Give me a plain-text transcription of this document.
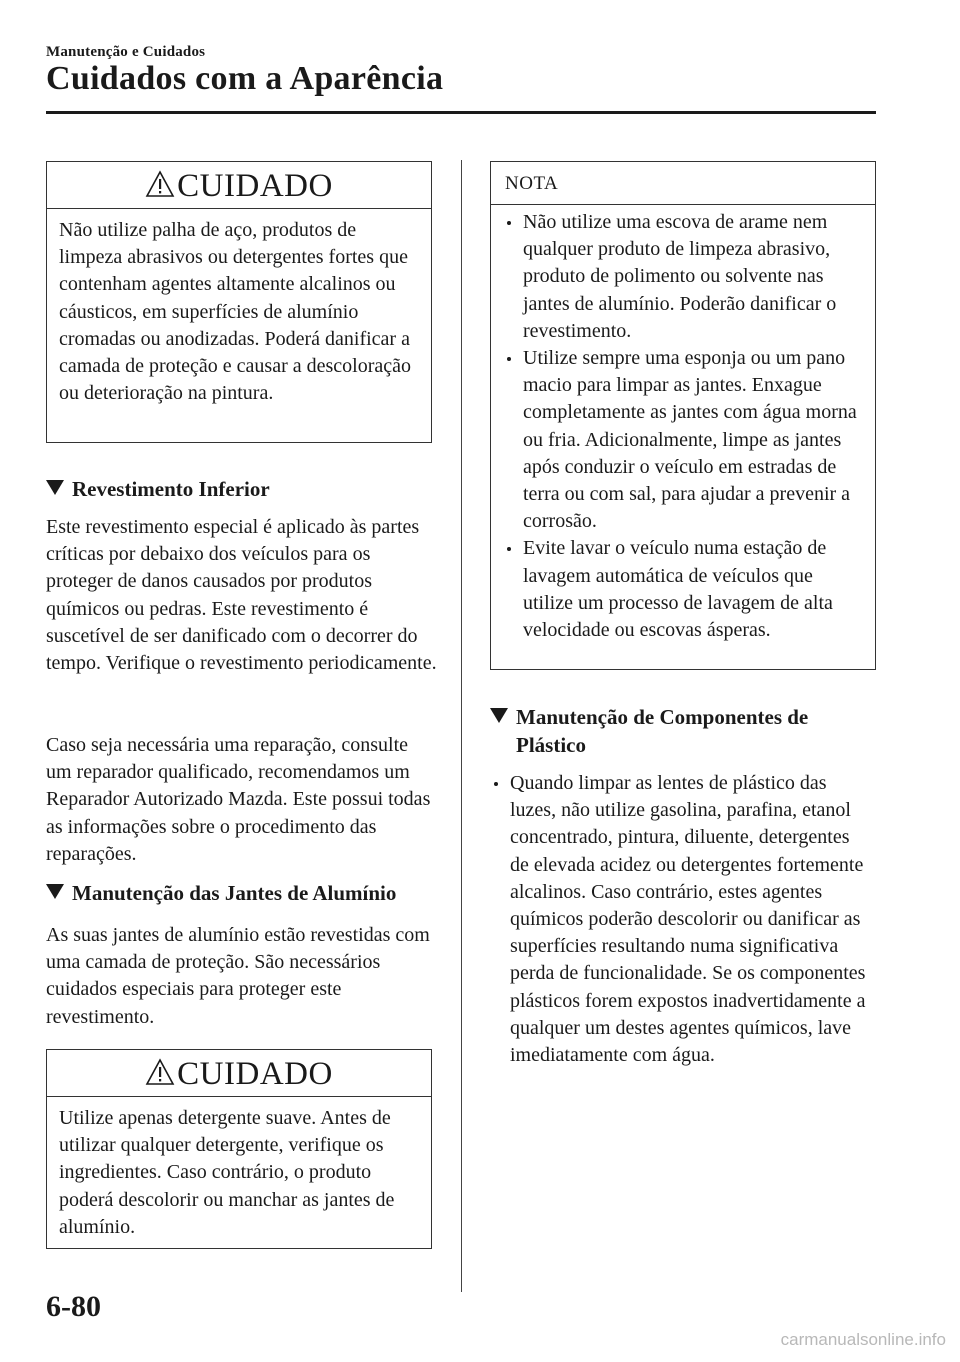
Manutenção e Cuidados
Cuidados com a Aparência
CUIDADO
Não utilize palha de aço, produtos de limpeza abrasivos ou detergentes fortes que contenham agentes altamente alcalinos ou cáusticos, em superfícies de alumínio cromadas ou anodizadas. Poderá danificar a camada de proteção e causar a descoloração ou deterioração na pintura.
Revestimento Inferior
Este revestimento especial é aplicado às partes críticas por debaixo dos veículos para os proteger de danos causados por produtos químicos ou pedras. Este revestimento é suscetível de ser danificado com o decorrer do tempo. Verifique o revestimento periodicamente.
Caso seja necessária uma reparação, consulte um reparador qualificado, recomendamos um Reparador Autorizado Mazda. Este possui todas as informações sobre o procedimento das reparações.
Manutenção das Jantes de Alumínio
As suas jantes de alumínio estão revestidas com uma camada de proteção. São necessários cuidados especiais para proteger este revestimento.
CUIDADO
Utilize apenas detergente suave. Antes de utilizar qualquer detergente, verifique os ingredientes. Caso contrário, o produto poderá descolorir ou manchar as jantes de alumínio.
NOTA
Não utilize uma escova de arame nem qualquer produto de limpeza abrasivo, produto de polimento ou solvente nas jantes de alumínio. Poderão danificar o revestimento.
Utilize sempre uma esponja ou um pano macio para limpar as jantes. Enxague completamente as jantes com água morna ou fria. Adicionalmente, limpe as jantes após conduzir o veículo em estradas de terra ou com sal, para ajudar a prevenir a corrosão.
Evite lavar o veículo numa estação de lavagem automática de veículos que utilize um processo de lavagem de alta velocidade ou escovas ásperas.
Manutenção de Componentes de Plástico
Quando limpar as lentes de plástico das luzes, não utilize gasolina, parafina, etanol concentrado, pintura, diluente, detergentes de elevada acidez ou detergentes fortemente alcalinos. Caso contrário, estes agentes químicos poderão descolorir ou danificar as superfícies resultando numa significativa perda de funcionalidade. Se os componentes plásticos forem expostos inadvertidamente a qualquer um destes agentes químicos, lave imediatamente com água.
6-80
carmanualsonline.info
